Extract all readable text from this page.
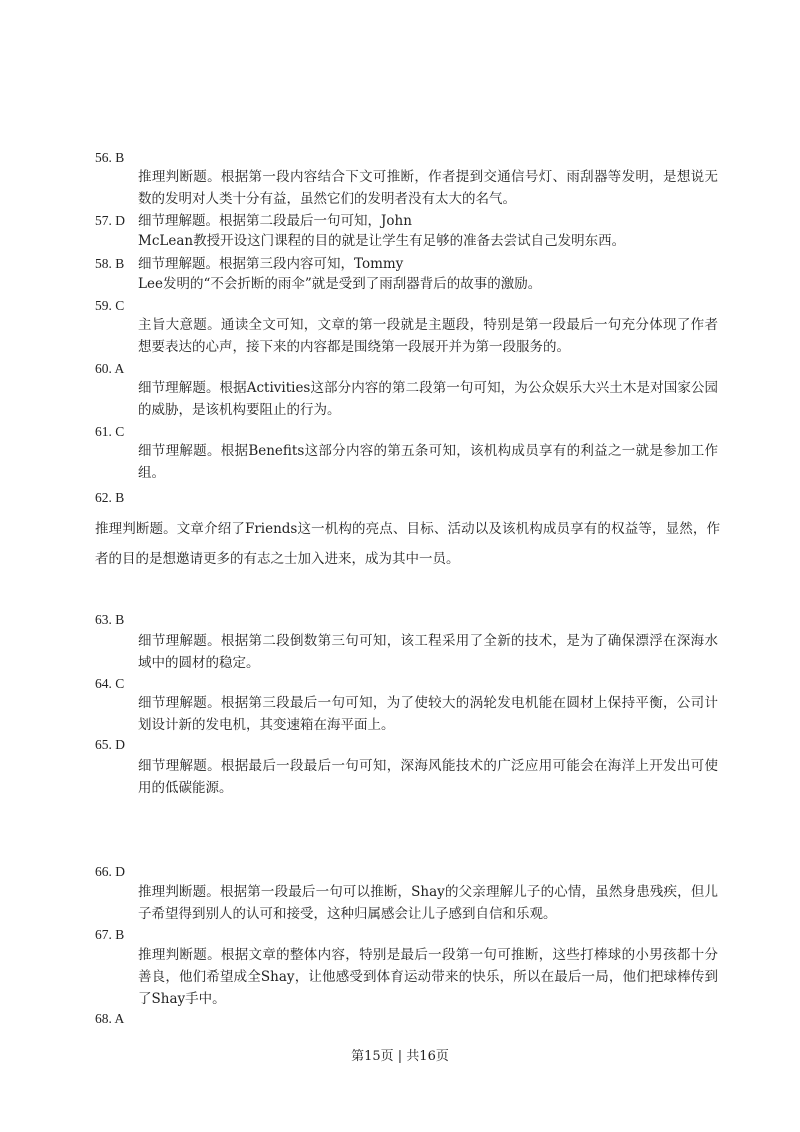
56. B
推理判断题。根据第一段内容结合下文可推断，作者提到交通信号灯、雨刮器等发明，是想说无数的发明对人类十分有益，虽然它们的发明者没有太大的名气。
57. D 细节理解题。根据第二段最后一句可知，John
McLean教授开设这门课程的目的就是让学生有足够的准备去尝试自己发明东西。
58. B 细节理解题。根据第三段内容可知，Tommy
Lee发明的“不会折断的雨伞”就是受到了雨刮器背后的故事的激励。
59. C
主旨大意题。通读全文可知，文章的第一段就是主题段，特别是第一段最后一句充分体现了作者想要表达的心声，接下来的内容都是围绕第一段展开并为第一段服务的。
60. A
细节理解题。根据Activities这部分内容的第二段第一句可知，为公众娱乐大兴土木是对国家公园的威胁，是该机构要阻止的行为。
61. C
细节理解题。根据Benefits这部分内容的第五条可知，该机构成员享有的利益之一就是参加工作组。
62. B
推理判断题。文章介绍了Friends这一机构的亮点、目标、活动以及该机构成员享有的权益等，显然，作者的目的是想邀请更多的有志之士加入进来，成为其中一员。
63. B
细节理解题。根据第二段倒数第三句可知，该工程采用了全新的技术，是为了确保漂浮在深海水域中的圆材的稳定。
64. C
细节理解题。根据第三段最后一句可知，为了使较大的涡轮发电机能在圆材上保持平衡，公司计划设计新的发电机，其变速箱在海平面上。
65. D
细节理解题。根据最后一段最后一句可知，深海风能技术的广泛应用可能会在海洋上开发出可使用的低碳能源。
66. D
推理判断题。根据第一段最后一句可以推断，Shay的父亲理解儿子的心情，虽然身患残疾，但儿子希望得到别人的认可和接受，这种归属感会让儿子感到自信和乐观。
67. B
推理判断题。根据文章的整体内容，特别是最后一段第一句可推断，这些打棒球的小男孩都十分善良，他们希望成全Shay，让他感受到体育运动带来的快乐，所以在最后一局，他们把球棒传到了Shay手中。
68. A
第15页 | 共16页
